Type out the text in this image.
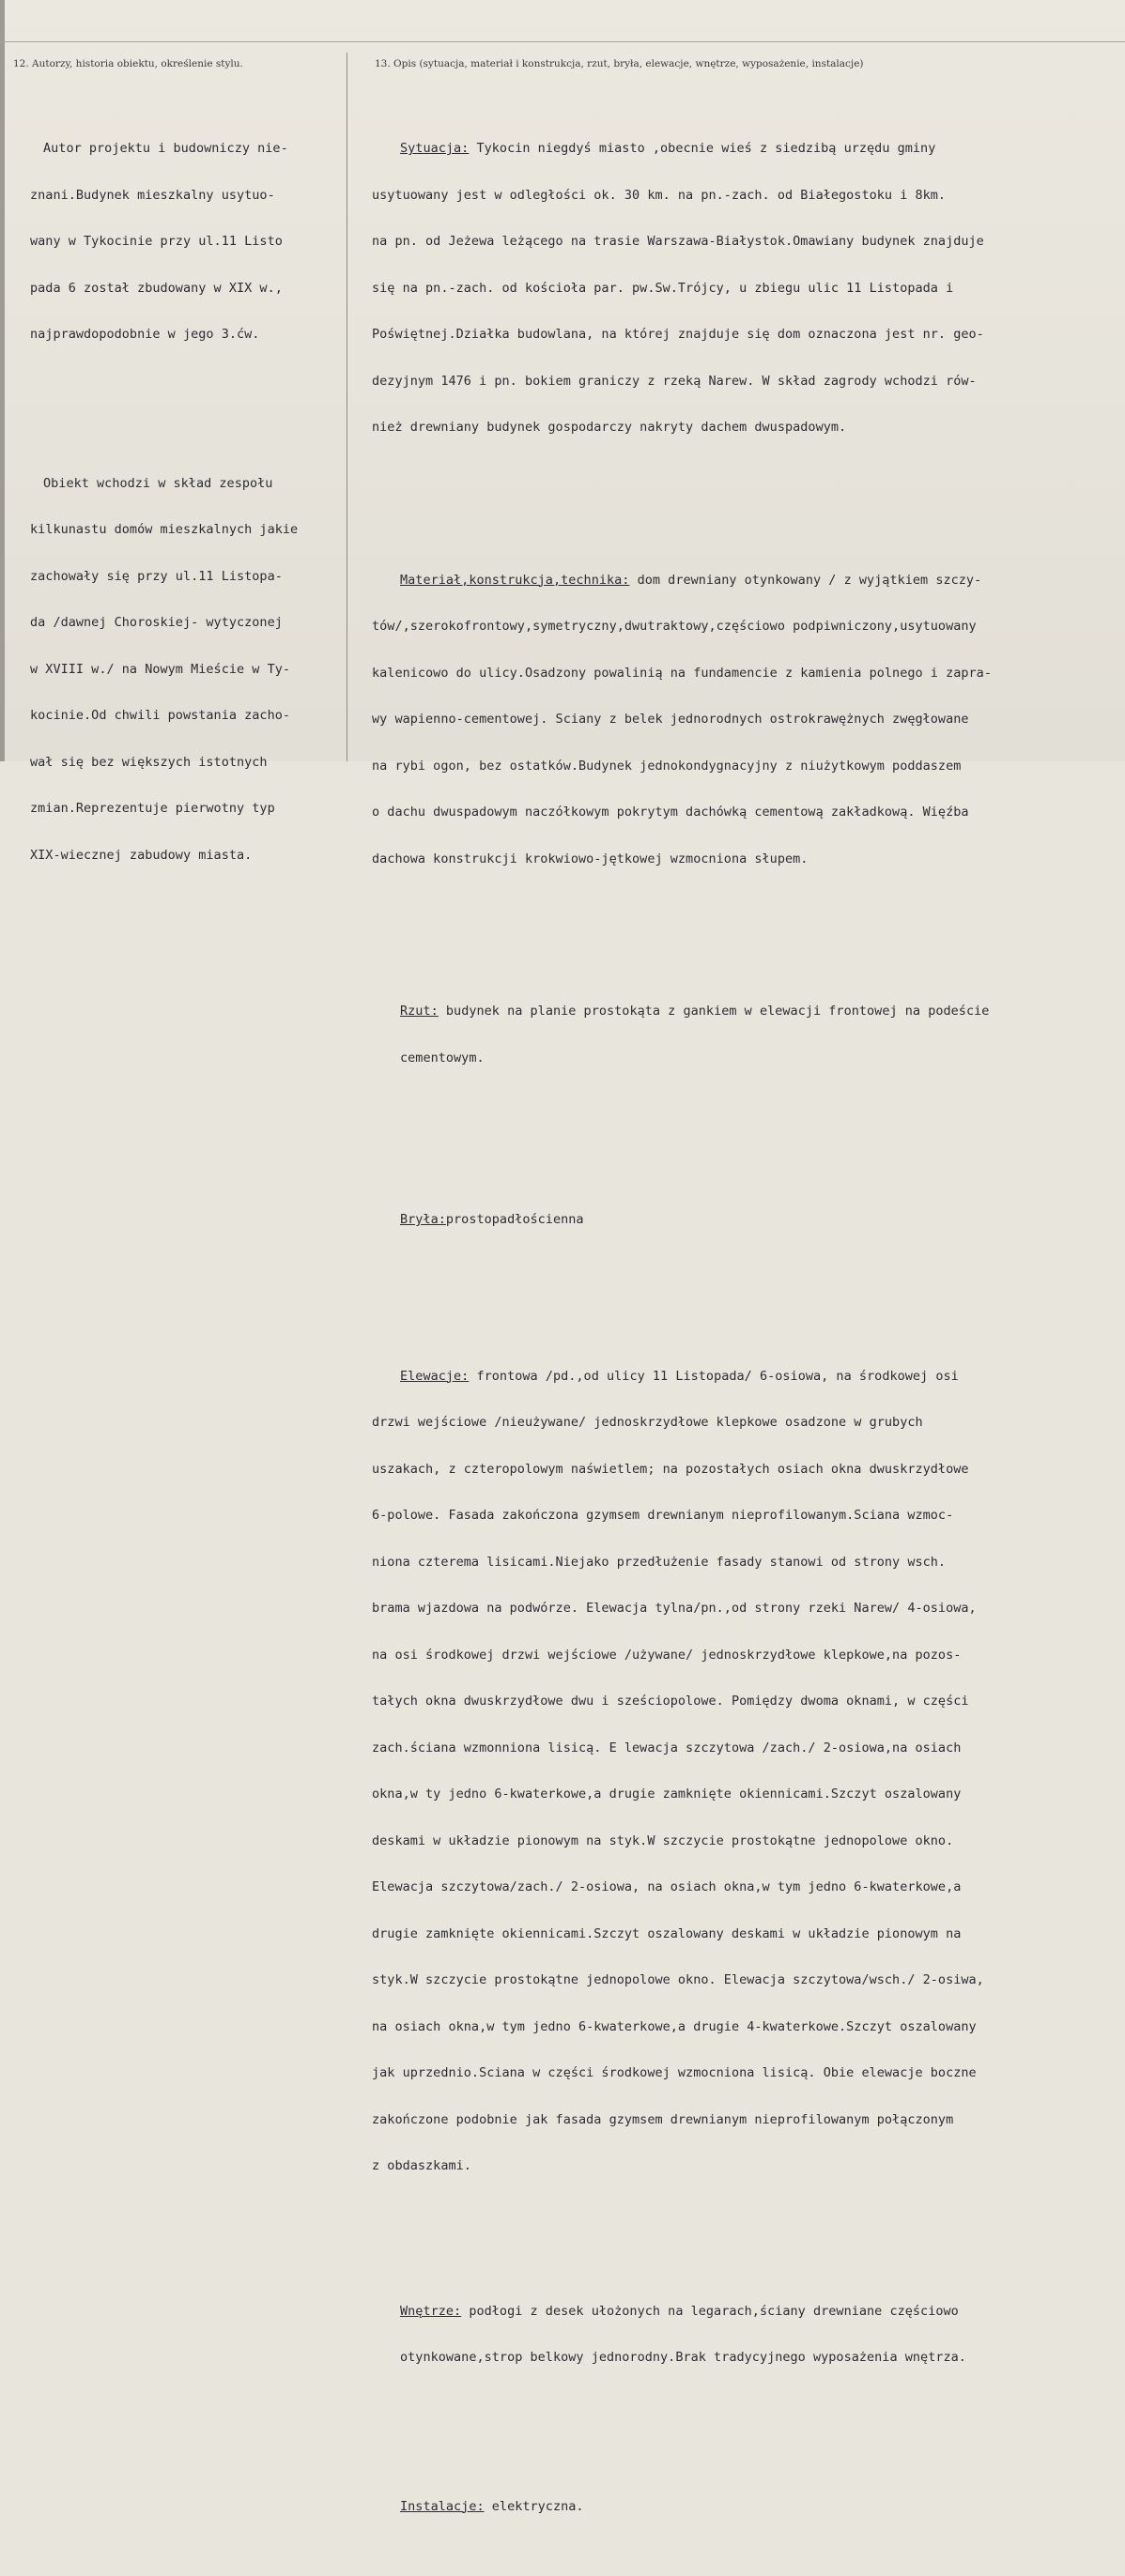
12. Autorzy, historia obiektu, określenie stylu.	13. Opis (sytuacja, materiał i konstrukcja, rzut, bryła, elewacje, wnętrze, wyposażenie, instalacje)

Autor projektu i budowniczy nie-

znani.Budynek mieszkalny usytuo-

wany w Tykocinie przy ul.11 Listo

pada 6 został zbudowany w XIX w.,

najprawdopodobnie w jego 3.ćw.

Obiekt wchodzi w skład zespołu

kilkunastu domów mieszkalnych jakie

zachowały się przy ul.11 Listopa-

da /dawnej Choroskiej- wytyczonej

w XVIII w./ na Nowym Mieście w Ty-

kocinie.Od chwili powstania zacho-

wał się bez większych istotnych

zmian.Reprezentuje pierwotny typ

XIX-wiecznej zabudowy miasta.

Sytuacja: Tykocin niegdyś miasto ,obecnie wieś z siedzibą urzędu gminy

usytuowany jest w odległości ok. 30 km. na pn.-zach. od Białegostoku i 8km.

na pn. od Jeżewa leżącego na trasie Warszawa-Białystok.Omawiany budynek znajduje

się na pn.-zach. od kościoła par. pw.Sw.Trójcy, u zbiegu ulic 11 Listopada i

Poświętnej.Działka budowlana, na której znajduje się dom oznaczona jest nr. geo-

dezyjnym 1476 i pn. bokiem graniczy z rzeką Narew. W skład zagrody wchodzi rów-

nież drewniany budynek gospodarczy nakryty dachem dwuspadowym.

Materiał,konstrukcja,technika: dom drewniany otynkowany / z wyjątkiem szczy-

tów/,szerokofrontowy,symetryczny,dwutraktowy,częściowo podpiwniczony,usytuowany

kalenicowo do ulicy.Osadzony powalinią na fundamencie z kamienia polnego i zapra-

wy wapienno-cementowej. Sciany z belek jednorodnych ostrokrawężnych zwęgłowane

na rybi ogon, bez ostatków.Budynek jednokondygnacyjny z niużytkowym poddaszem

o dachu dwuspadowym naczółkowym pokrytym dachówką cementową zakładkową. Więźba

dachowa konstrukcji krokwiowo-jętkowej wzmocniona słupem.

Rzut: budynek na planie prostokąta z gankiem w elewacji frontowej na podeście

cementowym.

Bryła:prostopadłościenna

Elewacje: frontowa /pd.,od ulicy 11 Listopada/ 6-osiowa, na środkowej osi

drzwi wejściowe /nieużywane/ jednoskrzydłowe klepkowe osadzone w grubych

uszakach, z czteropolowym naświetlem; na pozostałych osiach okna dwuskrzydłowe

6-polowe. Fasada zakończona gzymsem drewnianym nieprofilowanym.Sciana wzmoc-

niona czterema lisicami.Niejako przedłużenie fasady stanowi od strony wsch.

brama wjazdowa na podwórze. Elewacja tylna/pn.,od strony rzeki Narew/ 4-osiowa,

na osi środkowej drzwi wejściowe /używane/ jednoskrzydłowe klepkowe,na pozos-

tałych okna dwuskrzydłowe dwu i sześciopolowe. Pomiędzy dwoma oknami, w części

zach.ściana wzmonniona lisicą. E lewacja szczytowa /zach./ 2-osiowa,na osiach

okna,w ty jedno 6-kwaterkowe,a drugie zamknięte okiennicami.Szczyt oszalowany

deskami w układzie pionowym na styk.W szczycie prostokątne jednopolowe okno.

Elewacja szczytowa/zach./ 2-osiowa, na osiach okna,w tym jedno 6-kwaterkowe,a

drugie zamknięte okiennicami.Szczyt oszalowany deskami w układzie pionowym na

styk.W szczycie prostokątne jednopolowe okno. Elewacja szczytowa/wsch./ 2-osiwa,

na osiach okna,w tym jedno 6-kwaterkowe,a drugie 4-kwaterkowe.Szczyt oszalowany

jak uprzednio.Sciana w części środkowej wzmocniona lisicą. Obie elewacje boczne

zakończone podobnie jak fasada gzymsem drewnianym nieprofilowanym połączonym

z obdaszkami.

Wnętrze: podłogi z desek ułożonych na legarach,ściany drewniane częściowo

otynkowane,strop belkowy jednorodny.Brak tradycyjnego wyposażenia wnętrza.

Instalacje: elektryczna.
